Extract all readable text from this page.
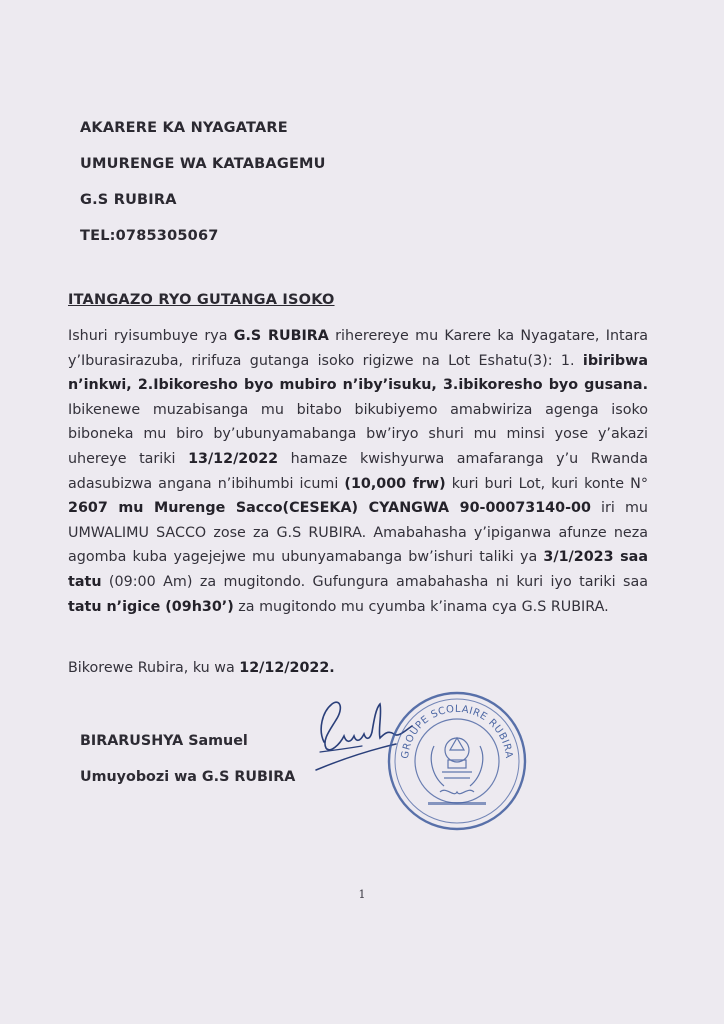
AKARERE KA NYAGATARE
UMURENGE WA KATABAGEMU
G.S RUBIRA
TEL:0785305067
ITANGAZO RYO GUTANGA ISOKO
Ishuri ryisumbuye rya G.S RUBIRA riherereye mu Karere ka Nyagatare, Intara y’Iburasirazuba, ririfuza gutanga isoko rigizwe na Lot Eshatu(3): 1. ibiribwa n’inkwi, 2.Ibikoresho byo mubiro n’iby’isuku, 3.ibikoresho byo gusana. Ibikenewe muzabisanga mu bitabo bikubiyemo amabwiriza agenga isoko biboneka mu biro by’ubunyamabanga bw’iryo shuri mu minsi yose y’akazi uhereye tariki 13/12/2022 hamaze kwishyurwa amafaranga y’u Rwanda adasubizwa angana n’ibihumbi icumi (10,000 frw) kuri buri Lot, kuri konte N° 2607 mu Murenge Sacco(CESEKA) CYANGWA 90-00073140-00 iri mu UMWALIMU SACCO zose za G.S RUBIRA. Amabahasha y’ipiganwa afunze neza agomba kuba yagejejwe mu ubunyamabanga bw’ishuri taliki ya 3/1/2023 saa tatu (09:00 Am) za mugitondo. Gufungura amabahasha ni kuri iyo tariki saa tatu n’igice (09h30’) za mugitondo mu cyumba k’inama cya G.S RUBIRA.
Bikorewe Rubira, ku wa 12/12/2022.
BIRARUSHYA Samuel
Umuyobozi wa G.S RUBIRA
GROUPE SCOLAIRE RUBIRA
1
